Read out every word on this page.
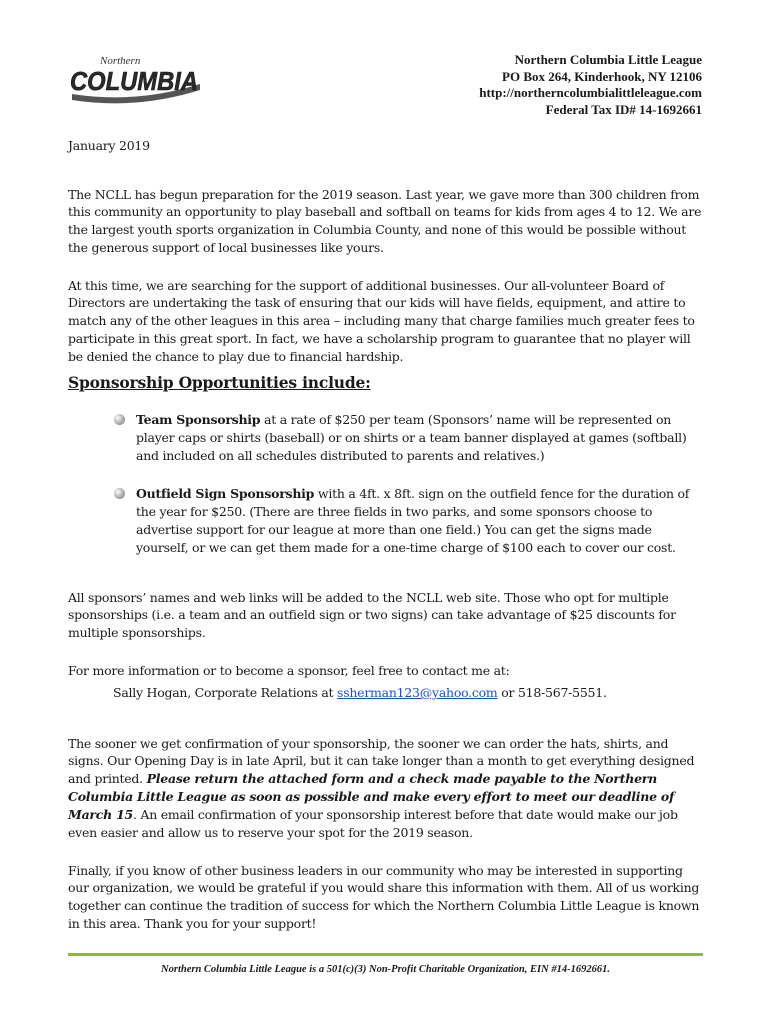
Northern
COLUMBIA
Northern Columbia Little League
PO Box 264, Kinderhook, NY 12106
http://northerncolumbialittleleague.com
Federal Tax ID# 14-1692661
January 2019

The NCLL has begun preparation for the 2019 season. Last year, we gave more than 300 children from this community an opportunity to play baseball and softball on teams for kids from ages 4 to 12. We are the largest youth sports organization in Columbia County, and none of this would be possible without the generous support of local businesses like yours.

At this time, we are searching for the support of additional businesses. Our all-volunteer Board of Directors are undertaking the task of ensuring that our kids will have fields, equipment, and attire to match any of the other leagues in this area – including many that charge families much greater fees to participate in this great sport. In fact, we have a scholarship program to guarantee that no player will be denied the chance to play due to financial hardship.

Sponsorship Opportunities include:
Team Sponsorship at a rate of $250 per team (Sponsors’ name will be represented on player caps or shirts (baseball) or on shirts or a team banner displayed at games (softball) and included on all schedules distributed to parents and relatives.)
Outfield Sign Sponsorship with a 4ft. x 8ft. sign on the outfield fence for the duration of the year for $250. (There are three fields in two parks, and some sponsors choose to advertise support for our league at more than one field.) You can get the signs made yourself, or we can get them made for a one-time charge of $100 each to cover our cost.

All sponsors’ names and web links will be added to the NCLL web site. Those who opt for multiple sponsorships (i.e. a team and an outfield sign or two signs) can take advantage of $25 discounts for multiple sponsorships.

For more information or to become a sponsor, feel free to contact me at:

Sally Hogan, Corporate Relations at ssherman123@yahoo.com or 518-567-5551.

The sooner we get confirmation of your sponsorship, the sooner we can order the hats, shirts, and signs. Our Opening Day is in late April, but it can take longer than a month to get everything designed and printed. Please return the attached form and a check made payable to the Northern Columbia Little League as soon as possible and make every effort to meet our deadline of March 15. An email confirmation of your sponsorship interest before that date would make our job even easier and allow us to reserve your spot for the 2019 season.

Finally, if you know of other business leaders in our community who may be interested in supporting our organization, we would be grateful if you would share this information with them. All of us working together can continue the tradition of success for which the Northern Columbia Little League is known in this area. Thank you for your support!

Northern Columbia Little League is a 501(c)(3) Non-Profit Charitable Organization, EIN #14-1692661.
